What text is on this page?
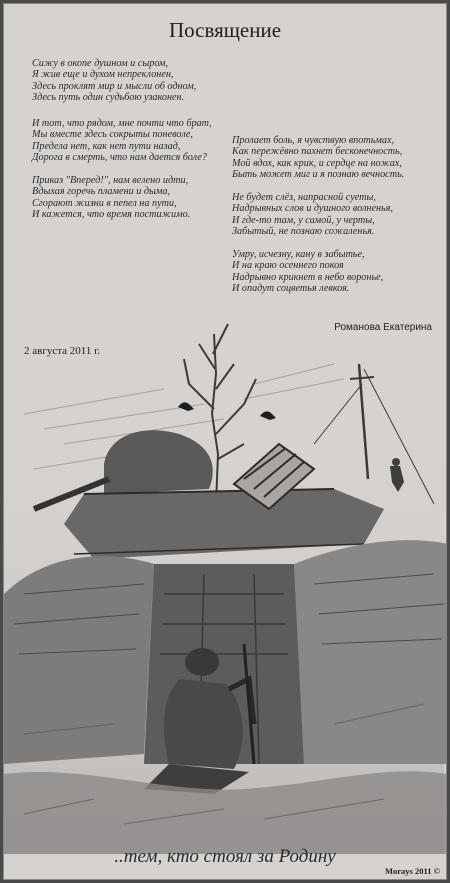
Посвящение
Сижу в окопе душном и сыром,
Я жив еще и духом непреклонен,
Здесь проклят мир и мысли об одном,
Здесь путь один судьбою узаконен.
И тот, что рядом, мне почти что брат,
Мы вместе здесь сокрыты поневоле,
Предела нет, как нет пути назад,
Дорога в смерть, что нам дается боле?
Приказ "Вперед!", нам велено идти,
Вдыхая горечь пламени и дыма,
Сгорают жизни в пепел на пути,
И кажется, что время постижимо.
Пролает боль, я чувствую впотьмах,
Как пережёвно пахнет бесконечность,
Мой вдох, как крик, и сердце на ножах,
Быть может миг и я познаю вечность.
Не будет слёз, напрасной суеты,
Надрывных слов и душного волненья,
И где-то там, у самой, у черты,
Забытый, не познаю сожаленья.
Умру, исчезну, кану в забытье,
И на краю осеннего покоя
Надрывно крикнет в небо воронье,
И опадут соцветья левкоя.
Романова Екатерина
2 августа 2011 г.
..тем, кто стоял за Родину
Morays 2011 ©
